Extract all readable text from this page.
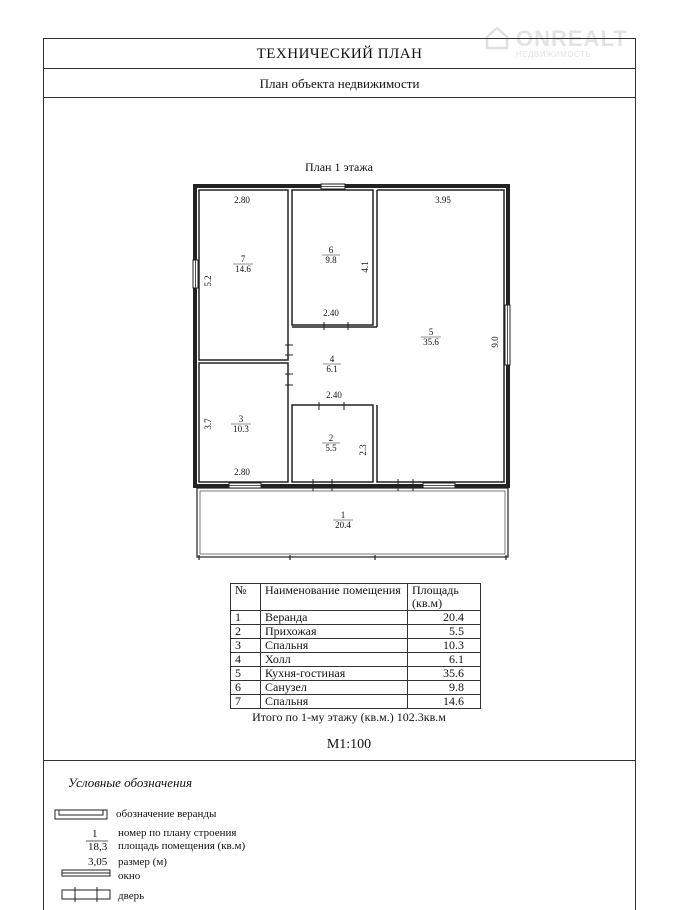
ONREALT
НЕДВИЖИМОСТЬ
ТЕХНИЧЕСКИЙ ПЛАН
План объекта недвижимости
План 1 этажа
7
14.6
6
9.8
5
35.6
4
6.1
3
10.3
2
5.5
1
20.4
2.80
5.2
4.1
2.40
3.95
9.0
2.40
3.7
2.80
2.3
№	Наименование помещения	Площадь (кв.м)
1	Веранда	20.4
2	Прихожая	5.5
3	Спальня	10.3
4	Холл	6.1
5	Кухня-гостиная	35.6
6	Санузел	9.8
7	Спальня	14.6
Итого по 1-му этажу (кв.м.) 102.3кв.м
М1:100
Условные обозначения
обозначение веранды
1
18,3
номер по плану строения
площадь помещения (кв.м)
3,05 размер (м)
окно
дверь
